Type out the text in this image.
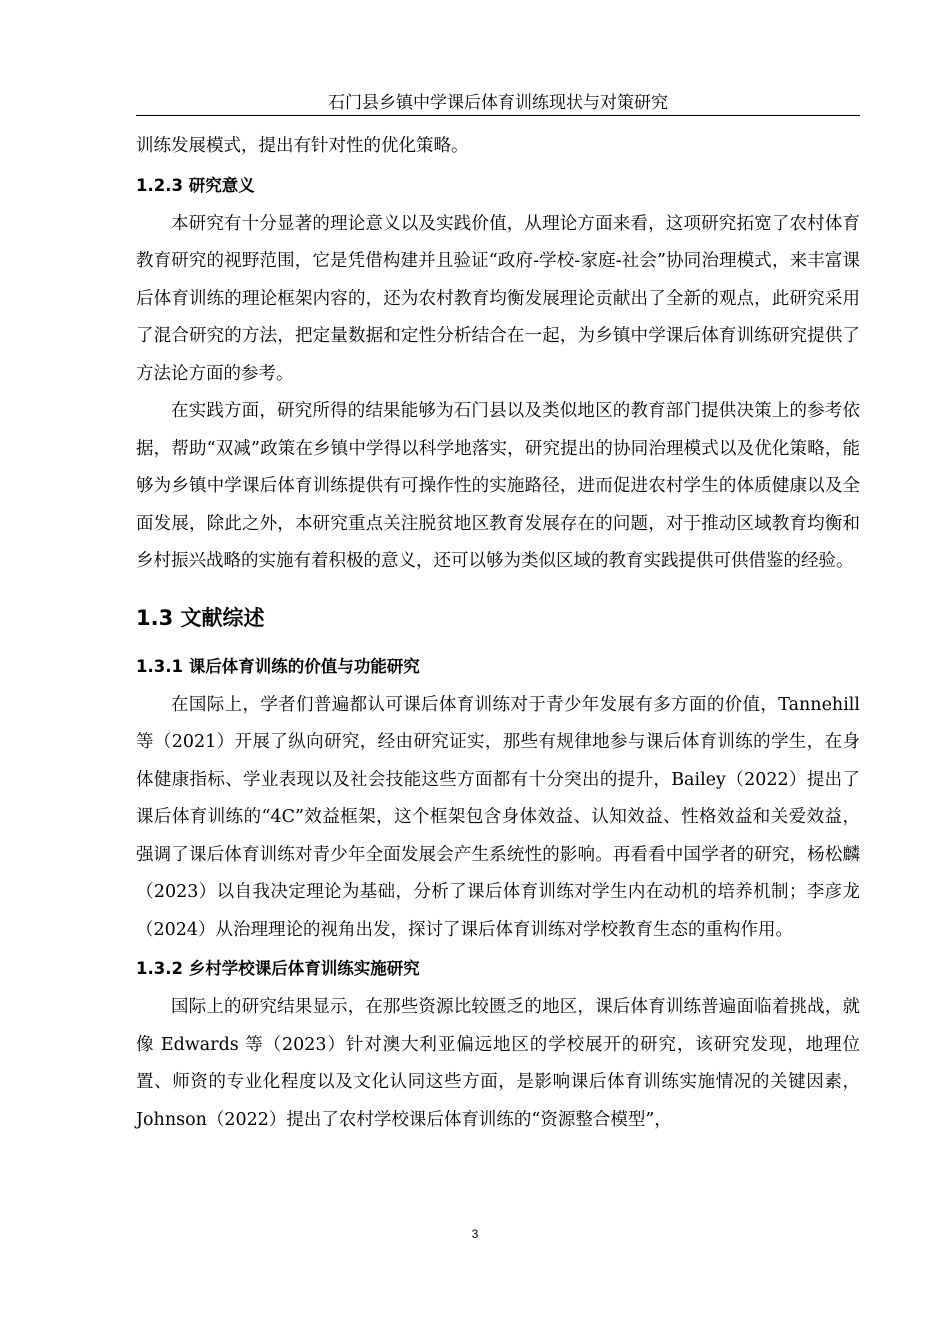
石门县乡镇中学课后体育训练现状与对策研究

训练发展模式，提出有针对性的优化策略。

1.2.3 研究意义

本研究有十分显著的理论意义以及实践价值，从理论方面来看，这项研究拓宽了农村体育教育研究的视野范围，它是凭借构建并且验证“政府-学校-家庭-社会”协同治理模式，来丰富课后体育训练的理论框架内容的，还为农村教育均衡发展理论贡献出了全新的观点，此研究采用了混合研究的方法，把定量数据和定性分析结合在一起，为乡镇中学课后体育训练研究提供了方法论方面的参考。

在实践方面，研究所得的结果能够为石门县以及类似地区的教育部门提供决策上的参考依据，帮助“双减”政策在乡镇中学得以科学地落实，研究提出的协同治理模式以及优化策略，能够为乡镇中学课后体育训练提供有可操作性的实施路径，进而促进农村学生的体质健康以及全面发展，除此之外，本研究重点关注脱贫地区教育发展存在的问题，对于推动区域教育均衡和乡村振兴战略的实施有着积极的意义，还可以够为类似区域的教育实践提供可供借鉴的经验。

1.3 文献综述
1.3.1 课后体育训练的价值与功能研究

在国际上，学者们普遍都认可课后体育训练对于青少年发展有多方面的价值，Tannehill 等（2021）开展了纵向研究，经由研究证实，那些有规律地参与课后体育训练的学生，在身体健康指标、学业表现以及社会技能这些方面都有十分突出的提升，Bailey（2022）提出了课后体育训练的“4C”效益框架，这个框架包含身体效益、认知效益、性格效益和关爱效益，强调了课后体育训练对青少年全面发展会产生系统性的影响。再看看中国学者的研究，杨松麟（2023）以自我决定理论为基础，分析了课后体育训练对学生内在动机的培养机制；李彦龙（2024）从治理理论的视角出发，探讨了课后体育训练对学校教育生态的重构作用。

1.3.2 乡村学校课后体育训练实施研究

国际上的研究结果显示，在那些资源比较匮乏的地区，课后体育训练普遍面临着挑战，就像 Edwards 等（2023）针对澳大利亚偏远地区的学校展开的研究，该研究发现，地理位置、师资的专业化程度以及文化认同这些方面，是影响课后体育训练实施情况的关键因素，Johnson（2022）提出了农村学校课后体育训练的“资源整合模型”，

3
